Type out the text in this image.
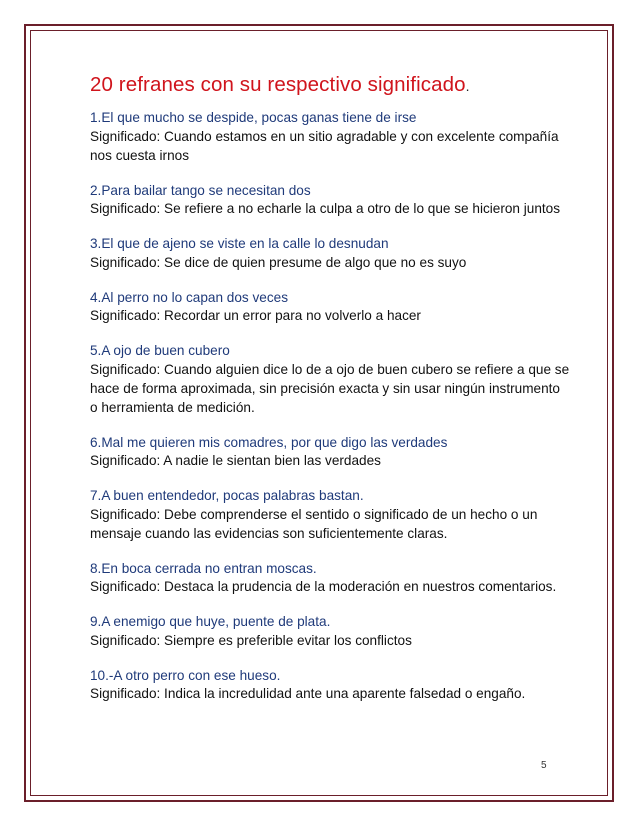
20 refranes con su respectivo significado.
1.El que mucho se despide, pocas ganas tiene de irse
Significado: Cuando estamos en un sitio agradable y con excelente compañía nos cuesta irnos
2.Para bailar tango se necesitan dos
Significado: Se refiere a no echarle la culpa a otro de lo que se hicieron juntos
3.El que de ajeno se viste en la calle lo desnudan
Significado: Se dice de quien presume de algo que no es suyo
4.Al perro no lo capan dos veces
Significado: Recordar un error para no volverlo a hacer
5.A ojo de buen cubero
Significado: Cuando alguien dice lo de a ojo de buen cubero se refiere a que se hace de forma aproximada, sin precisión exacta y sin usar ningún instrumento o herramienta de medición.
6.Mal me quieren mis comadres, por que digo las verdades
Significado: A nadie le sientan bien las verdades
7.A buen entendedor, pocas palabras bastan.
Significado: Debe comprenderse el sentido o significado de un hecho o un mensaje cuando las evidencias son suficientemente claras.
8.En boca cerrada no entran moscas.
Significado: Destaca la prudencia de la moderación en nuestros comentarios.
9.A enemigo que huye, puente de plata.
Significado: Siempre es preferible evitar los conflictos
10.-A otro perro con ese hueso.
Significado: Indica la incredulidad ante una aparente falsedad o engaño.
5
